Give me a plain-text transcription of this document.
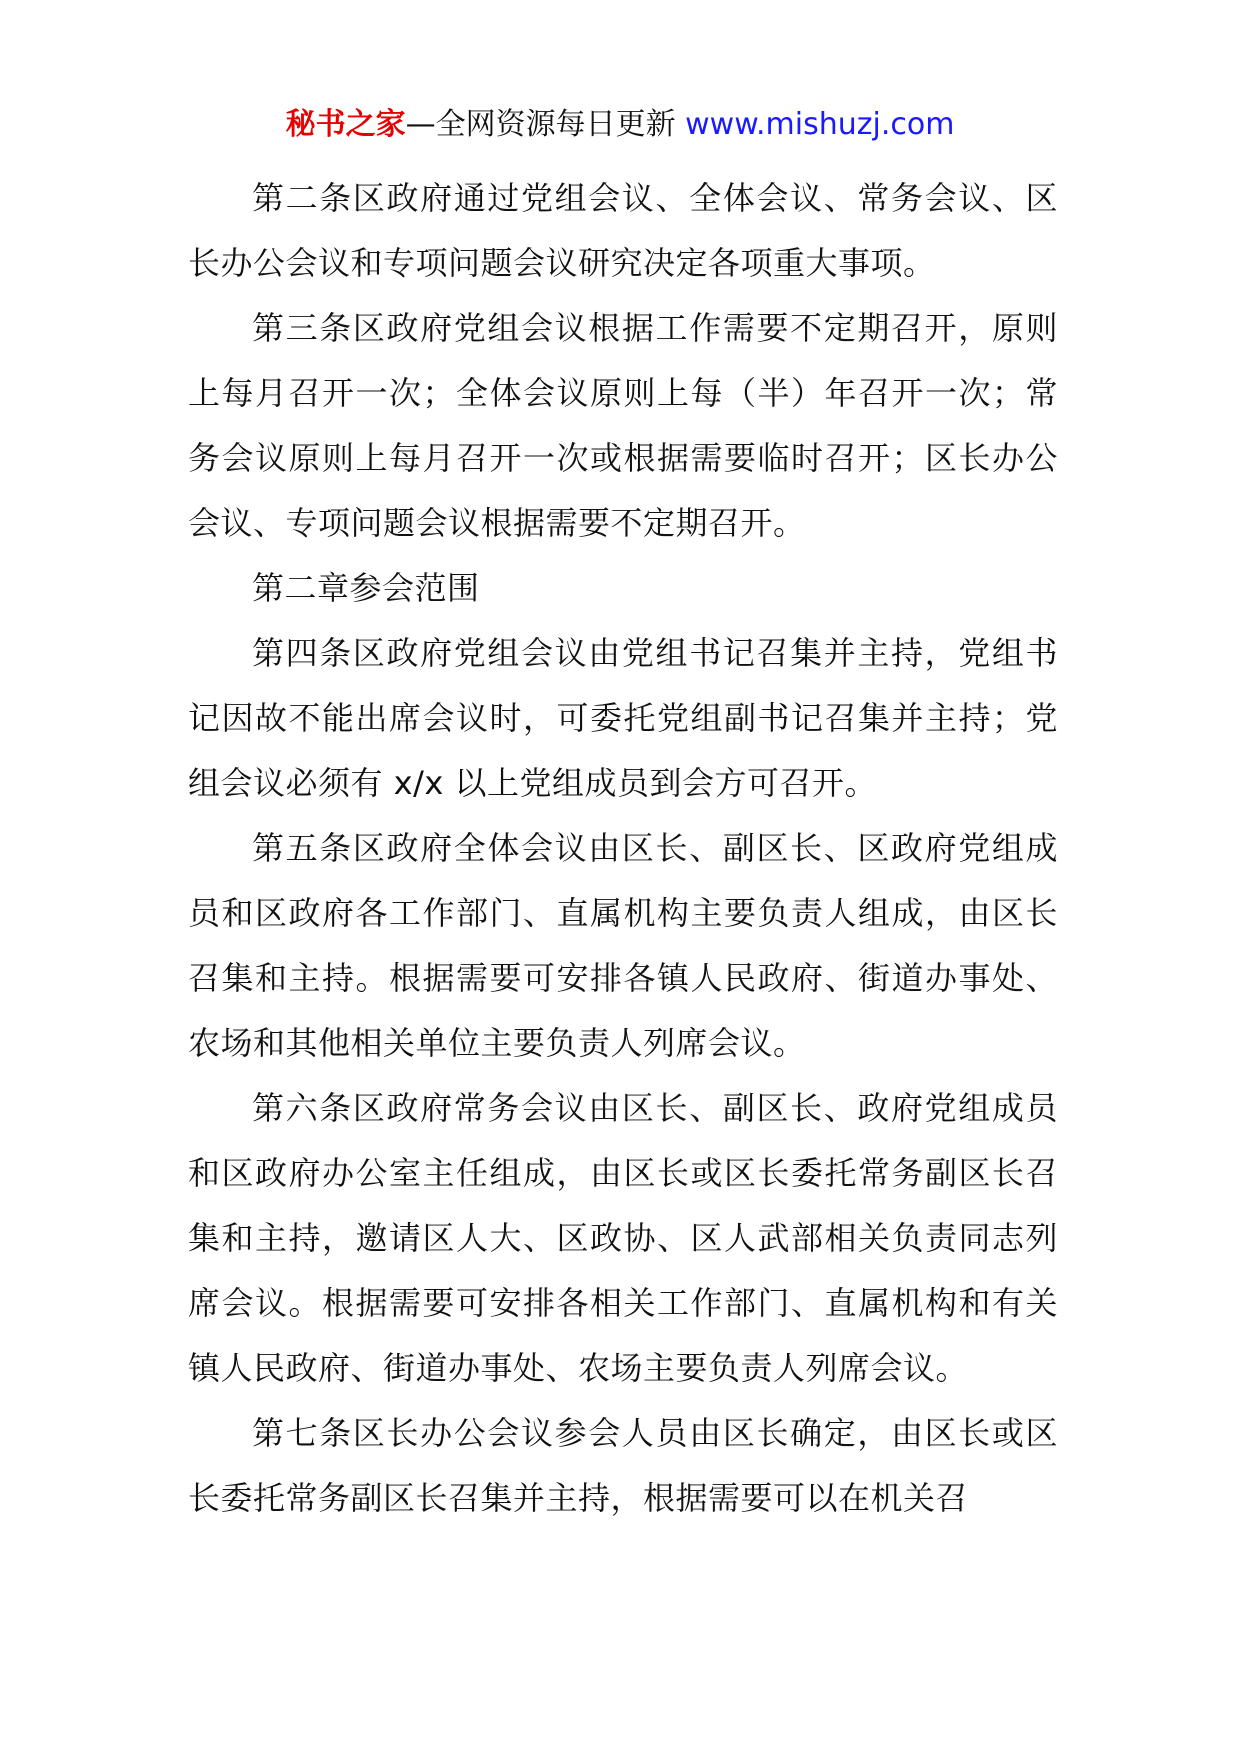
秘书之家—全网资源每日更新 www.mishuzj.com

第二条区政府通过党组会议、全体会议、常务会议、区长办公会议和专项问题会议研究决定各项重大事项。

第三条区政府党组会议根据工作需要不定期召开，原则上每月召开一次；全体会议原则上每（半）年召开一次；常务会议原则上每月召开一次或根据需要临时召开；区长办公会议、专项问题会议根据需要不定期召开。

第二章参会范围

第四条区政府党组会议由党组书记召集并主持，党组书记因故不能出席会议时，可委托党组副书记召集并主持；党组会议必须有 x/x 以上党组成员到会方可召开。

第五条区政府全体会议由区长、副区长、区政府党组成员和区政府各工作部门、直属机构主要负责人组成，由区长召集和主持。根据需要可安排各镇人民政府、街道办事处、农场和其他相关单位主要负责人列席会议。

第六条区政府常务会议由区长、副区长、政府党组成员和区政府办公室主任组成，由区长或区长委托常务副区长召集和主持，邀请区人大、区政协、区人武部相关负责同志列席会议。根据需要可安排各相关工作部门、直属机构和有关镇人民政府、街道办事处、农场主要负责人列席会议。

第七条区长办公会议参会人员由区长确定，由区长或区长委托常务副区长召集并主持，根据需要可以在机关召
